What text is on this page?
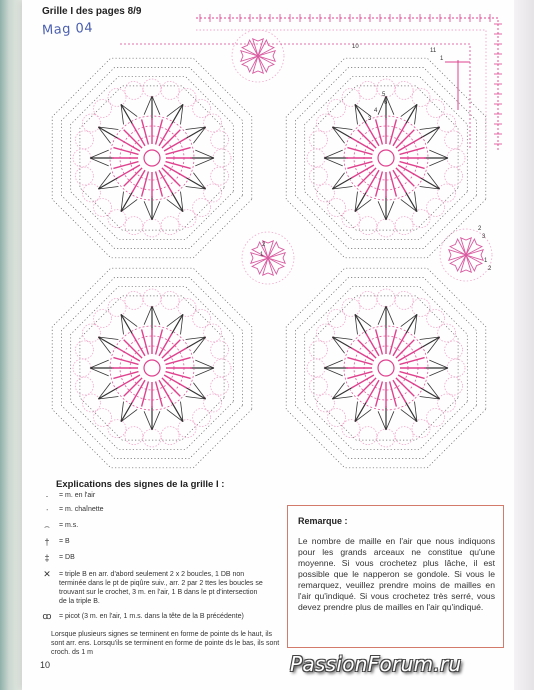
Grille I des pages 8/9
Mag 04
10
11
1
5
6
4
3
2
1
2
3
1
2
Explications des signes de la grille I :
·	= m. en l'air
ᐧ	= m. chaînette
⌢	= m.s.
†	= B
‡	= DB
✕	= triple B en arr. d'abord seulement 2 x 2 boucles, 1 DB non terminée dans le pt de piqûre suiv., arr. 2 par 2 ttes les boucles se trouvant sur le crochet, 3 m. en l'air, 1 B dans le pt d'intersection de la triple B.
ꝏ	= picot (3 m. en l'air, 1 m.s. dans la tête de la B précédente)
Lorsque plusieurs signes se terminent en forme de pointe ds le haut, ils sont arr. ens. Lorsqu'ils se terminent en forme de pointe ds le bas, ils sont croch. ds 1 m
10
Remarque :
Le nombre de maille en l'air que nous indiquons pour les grands arceaux ne constitue qu'une moyenne. Si vous crochetez plus lâche, il est possible que le napperon se gondole. Si vous le remarquez, veuillez prendre moins de mailles en l'air qu'indiqué. Si vous crochetez très serré, vous devez prendre plus de mailles en l'air qu'indiqué.
PassionForum.ru
